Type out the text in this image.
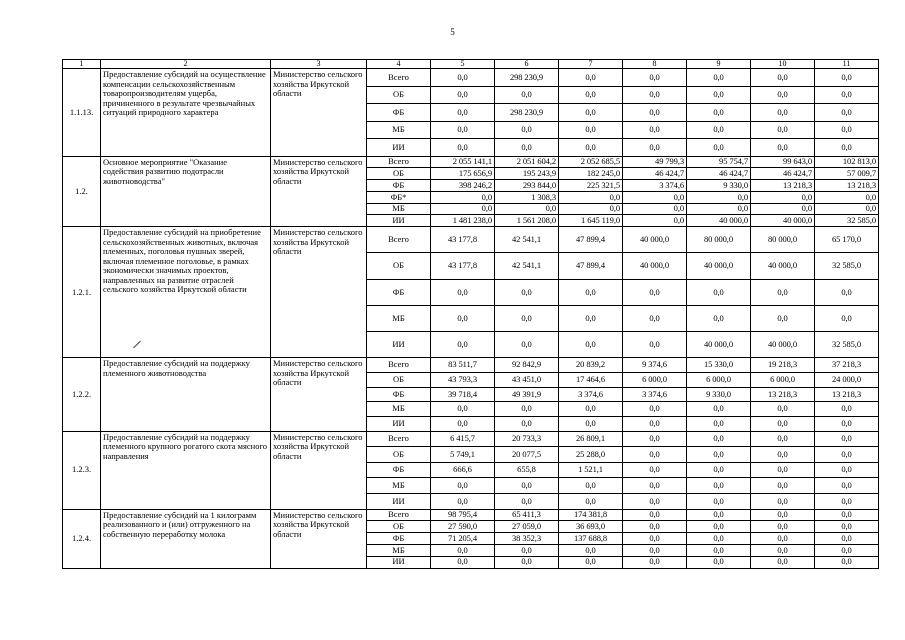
5
1	2	3	4	5	6	7	8	9	10	11
1.1.13.	Предоставление субсидий на осуществление компенсации сельскохозяйственным товаропроизводителям ущерба, причиненного в результате чрезвычайных ситуаций природного характера	Министерство сельского хозяйства Иркутской области	Всего	0,0	298 230,9	0,0	0,0	0,0	0,0	0,0
			ОБ	0,0	0,0	0,0	0,0	0,0	0,0	0,0
			ФБ	0,0	298 230,9	0,0	0,0	0,0	0,0	0,0
			МБ	0,0	0,0	0,0	0,0	0,0	0,0	0,0
			ИИ	0,0	0,0	0,0	0,0	0,0	0,0	0,0
1.2.	Основное мероприятие "Оказание содействия развитию подотрасли животноводства"	Министерство сельского хозяйства Иркутской области	Всего	2 055 141,1	2 051 604,2	2 052 685,5	49 799,3	95 754,7	99 643,0	102 813,0
			ОБ	175 656,9	195 243,9	182 245,0	46 424,7	46 424,7	46 424,7	57 009,7
			ФБ	398 246,2	293 844,0	225 321,5	3 374,6	9 330,0	13 218,3	13 218,3
			ФБ*	0,0	1 308,3	0,0	0,0	0,0	0,0	0,0
			МБ	0,0	0,0	0,0	0,0	0,0	0,0	0,0
			ИИ	1 481 238,0	1 561 208,0	1 645 119,0	0,0	40 000,0	40 000,0	32 585,0
1.2.1.	Предоставление субсидий на приобретение сельскохозяйственных животных, включая племенных, поголовья пушных зверей, включая племенное поголовье, в рамках экономически значимых проектов, направленных на развитие отраслей сельского хозяйства Иркутской области	Министерство сельского хозяйства Иркутской области	Всего	43 177,8	42 541,1	47 899,4	40 000,0	80 000,0	80 000,0	65 170,0
			ОБ	43 177,8	42 541,1	47 899,4	40 000,0	40 000,0	40 000,0	32 585,0
			ФБ	0,0	0,0	0,0	0,0	0,0	0,0	0,0
			МБ	0,0	0,0	0,0	0,0	0,0	0,0	0,0
			ИИ	0,0	0,0	0,0	0,0	40 000,0	40 000,0	32 585,0
1.2.2.	Предоставление субсидий на поддержку племенного животноводства	Министерство сельского хозяйства Иркутской области	Всего	83 511,7	92 842,9	20 839,2	9 374,6	15 330,0	19 218,3	37 218,3
			ОБ	43 793,3	43 451,0	17 464,6	6 000,0	6 000,0	6 000,0	24 000,0
			ФБ	39 718,4	49 391,9	3 374,6	3 374,6	9 330,0	13 218,3	13 218,3
			МБ	0,0	0,0	0,0	0,0	0,0	0,0	0,0
			ИИ	0,0	0,0	0,0	0,0	0,0	0,0	0,0
1.2.3.	Предоставление субсидий на поддержку племенного крупного рогатого скота мясного направления	Министерство сельского хозяйства Иркутской области	Всего	6 415,7	20 733,3	26 809,1	0,0	0,0	0,0	0,0
			ОБ	5 749,1	20 077,5	25 288,0	0,0	0,0	0,0	0,0
			ФБ	666,6	655,8	1 521,1	0,0	0,0	0,0	0,0
			МБ	0,0	0,0	0,0	0,0	0,0	0,0	0,0
			ИИ	0,0	0,0	0,0	0,0	0,0	0,0	0,0
1.2.4.	Предоставление субсидий на 1 килограмм реализованного и (или) отгруженного на собственную переработку молока	Министерство сельского хозяйства Иркутской области	Всего	98 795,4	65 411,3	174 381,8	0,0	0,0	0,0	0,0
			ОБ	27 590,0	27 059,0	36 693,0	0,0	0,0	0,0	0,0
			ФБ	71 205,4	38 352,3	137 688,8	0,0	0,0	0,0	0,0
			МБ	0,0	0,0	0,0	0,0	0,0	0,0	0,0
			ИИ	0,0	0,0	0,0	0,0	0,0	0,0	0,0
